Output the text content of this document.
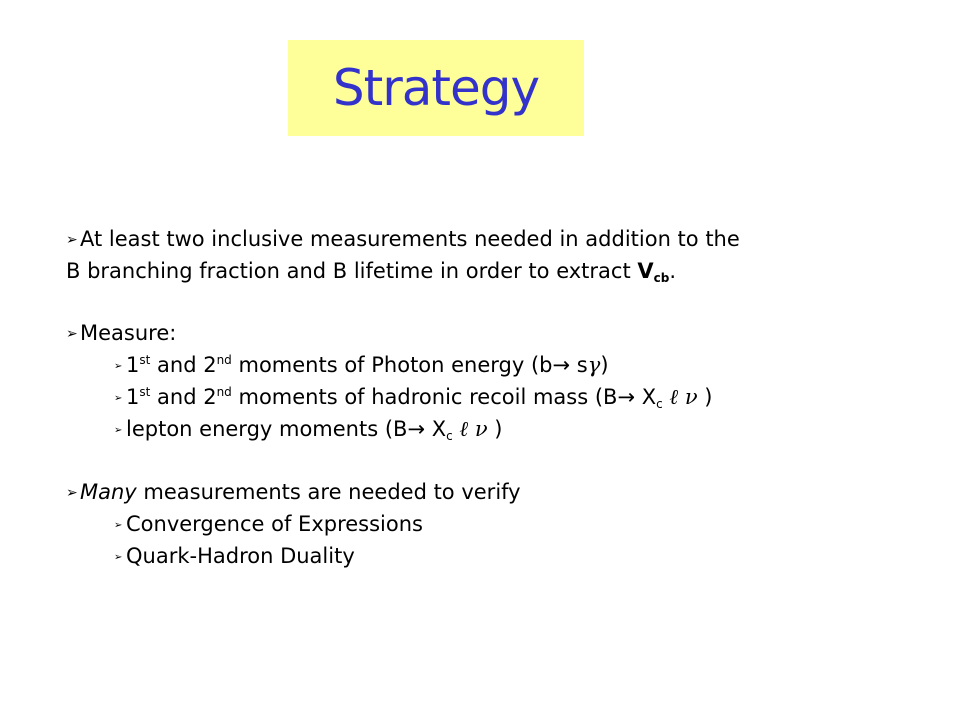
Strategy
➢ At least two inclusive measurements needed in addition to the
B branching fraction and B lifetime in order to extract $V_{cb}$.
➢ Measure:
➢ 1st and 2nd moments of Photon energy (b→ sγ)
➢ 1st and 2nd moments of hadronic recoil mass (B→ Xc ℓ ν )
➢ lepton energy moments (B→ Xc ℓ ν )
➢ Many measurements are needed to verify
➢ Convergence of Expressions
➢ Quark-Hadron Duality
